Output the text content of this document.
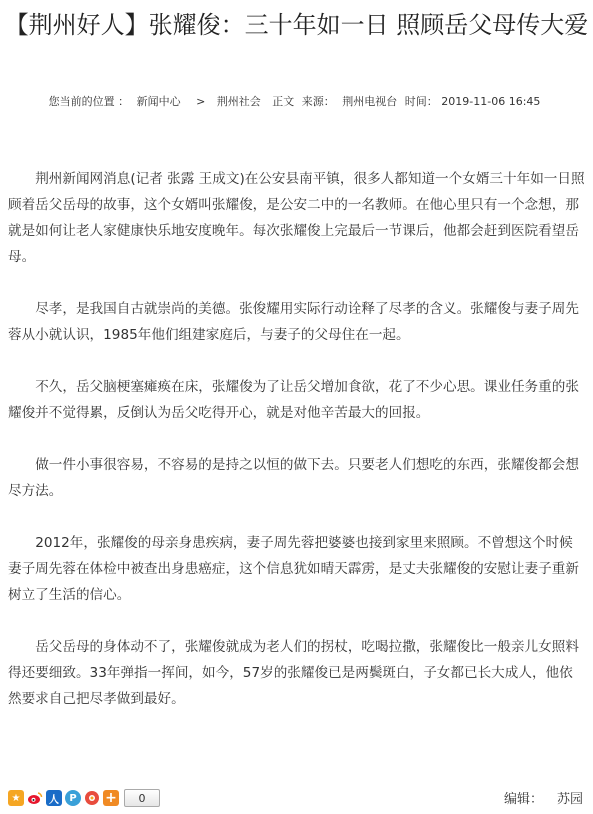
【荆州好人】张耀俊：三十年如一日 照顾岳父母传大爱
您当前的位置 ： 新闻中心 > 荆州社会 正文 来源： 荆州电视台 时间： 2019-11-06 16:45

荆州新闻网消息(记者 张露 王成文)在公安县南平镇，很多人都知道一个女婿三十年如一日照顾着岳父岳母的故事，这个女婿叫张耀俊，是公安二中的一名教师。在他心里只有一个念想，那就是如何让老人家健康快乐地安度晚年。每次张耀俊上完最后一节课后，他都会赶到医院看望岳母。

尽孝，是我国自古就崇尚的美德。张俊耀用实际行动诠释了尽孝的含义。张耀俊与妻子周先蓉从小就认识，1985年他们组建家庭后，与妻子的父母住在一起。

不久，岳父脑梗塞瘫痪在床，张耀俊为了让岳父增加食欲，花了不少心思。课业任务重的张耀俊并不觉得累，反倒认为岳父吃得开心，就是对他辛苦最大的回报。

做一件小事很容易，不容易的是持之以恒的做下去。只要老人们想吃的东西，张耀俊都会想尽方法。

2012年，张耀俊的母亲身患疾病，妻子周先蓉把婆婆也接到家里来照顾。不曾想这个时候妻子周先蓉在体检中被查出身患癌症，这个信息犹如晴天霹雳，是丈夫张耀俊的安慰让妻子重新树立了生活的信心。

岳父岳母的身体动不了，张耀俊就成为老人们的拐杖，吃喝拉撒，张耀俊比一般亲儿女照料得还要细致。33年弹指一挥间，如今，57岁的张耀俊已是两鬓斑白，子女都已长大成人，他依然要求自己把尽孝做到最好。

★	人	P	+	0	编辑： 苏园
